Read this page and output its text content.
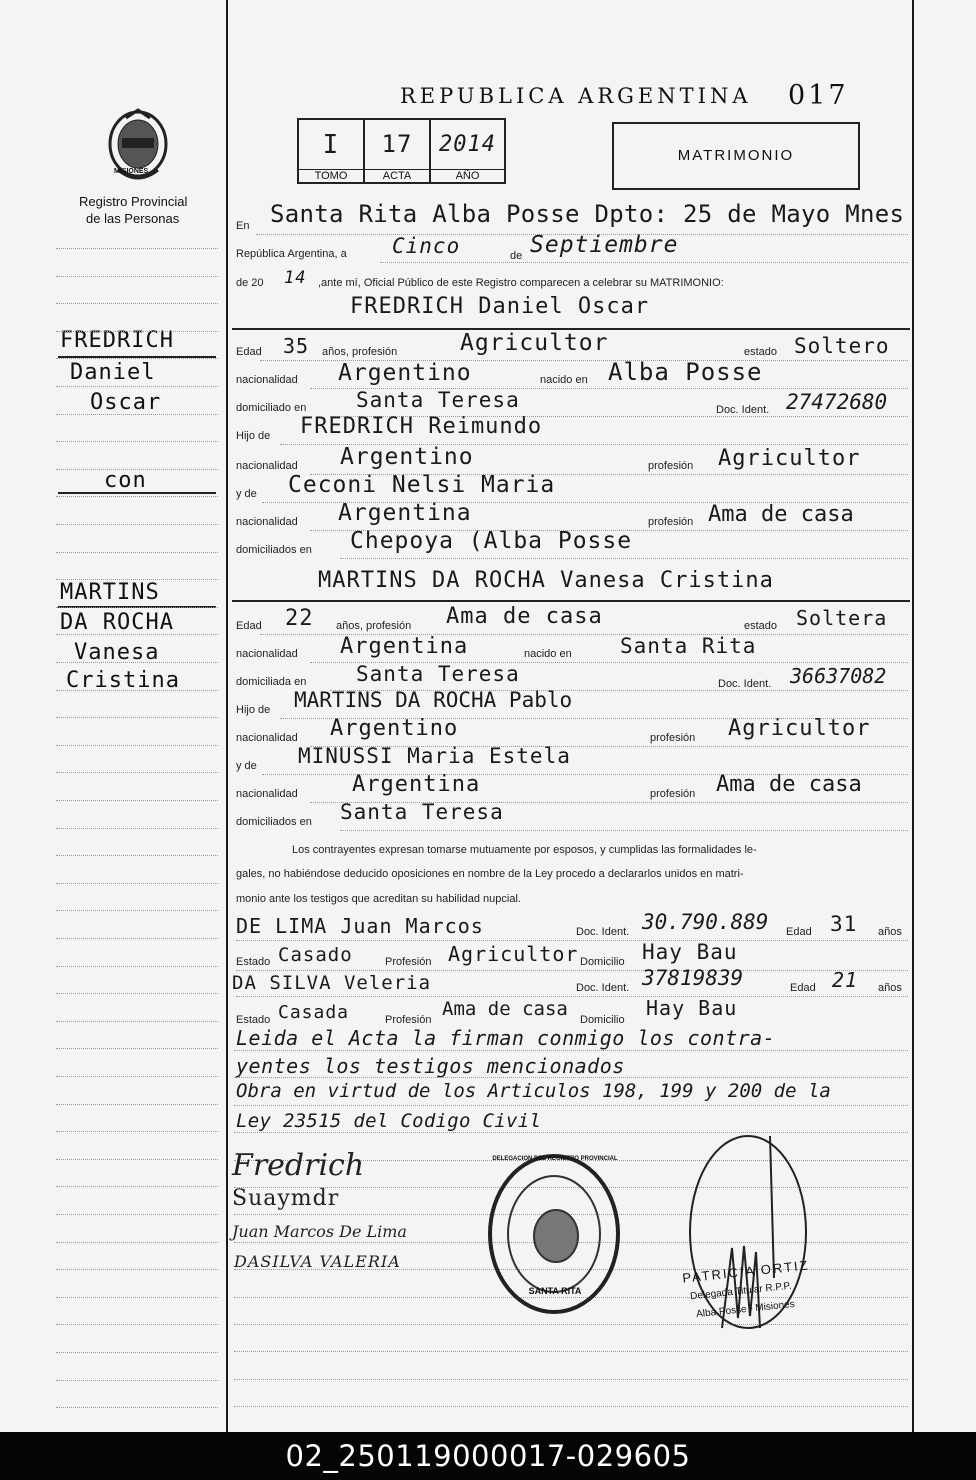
MISIONES
Registro Provincial
de las Personas
REPUBLICA ARGENTINA 017
I
TOMO
17
ACTA
2014
AÑO
MATRIMONIO
FREDRICH
Daniel
Oscar
con
MARTINS
DA ROCHA
Vanesa
Cristina
En Santa Rita Alba Posse Dpto: 25 de Mayo Mnes
República Argentina, a Cinco	de Septiembre
de 20 14 ,ante mí, Oficial Público de este Registro comparecen a celebrar su MATRIMONIO:
FREDRICH Daniel Oscar
Edad 35 años, profesión	Agricultor	estado Soltero
nacionalidad Argentino	nacido en Alba Posse
domiciliado en Santa Teresa	Doc. Ident. 27472680
Hijo de FREDRICH Reimundo
nacionalidad Argentino	profesión Agricultor
y de Ceconi Nelsi Maria
nacionalidad Argentina	profesión Ama de casa
domiciliados en Chepoya (Alba Posse
MARTINS DA ROCHA Vanesa Cristina
Edad 22 años, profesión Ama de casa	estado Soltera
nacionalidad Argentina	nacido en Santa Rita
domiciliada en Santa Teresa	Doc. Ident. 36637082
Hijo de MARTINS DA ROCHA Pablo
nacionalidad Argentino	profesión Agricultor
y de MINUSSI Maria Estela
nacionalidad Argentina	profesión Ama de casa
domiciliados en Santa Teresa
Los contrayentes expresan tomarse mutuamente por esposos, y cumplidas las formalidades le-
gales, no habiéndose deducido oposiciones en nombre de la Ley procedo a declararlos unidos en matri-
monio ante los testigos que acreditan su habilidad nupcial.
DE LIMA Juan Marcos	Doc. Ident. 30.790.889 Edad 31 años
Estado Casado	Profesión Agricultor Domicilio Hay Bau
DA SILVA Veleria	Doc. Ident. 37819839	Edad 21 años
Estado Casada	Profesión Ama de casa Domicilio Hay Bau
Leida el Acta la firman conmigo los contra-
yentes los testigos mencionados
Obra en virtud de los Articulos 198, 199 y 200 de la
Ley 23515 del Codigo Civil
Fredrich
Suaymdr
Juan Marcos De Lima
DASILVA VALERIA
DELEGACION DEL REGISTRO PROVINCIAL
SANTA RITA
PATRICIA ORTIZ
Delegada Titular R.P.P.
Alba Posse - Misiones
02_250119000017-029605
